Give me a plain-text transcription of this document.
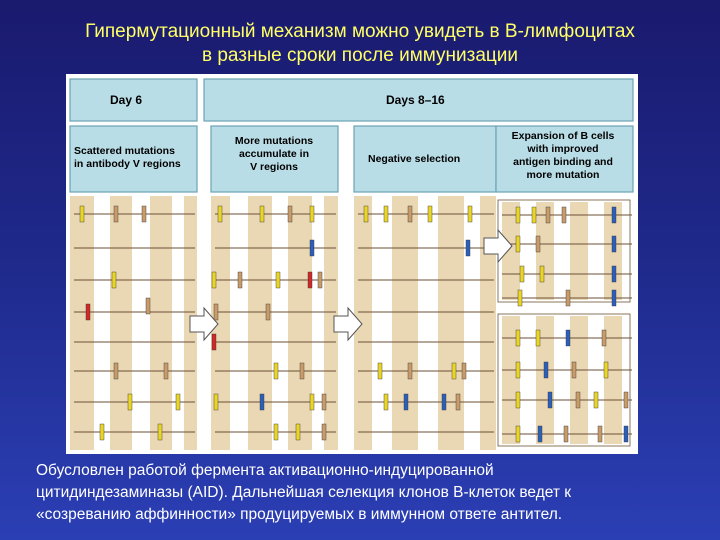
Гипермутационный механизм можно увидеть в В-лимфоцитах
в разные сроки после иммунизации
Day 6	Days 8–16
Scattered mutations
in antibody V regions
More mutations
accumulate in
V regions
Negative selection
Expansion of B cells
with improved
antigen binding and
more mutation
Обусловлен работой фермента активационно-индуцированной
цитидиндезаминазы (AID). Дальнейшая селекция клонов B-клеток ведет к
«созреванию аффинности» продуцируемых в иммунном ответе антител.
